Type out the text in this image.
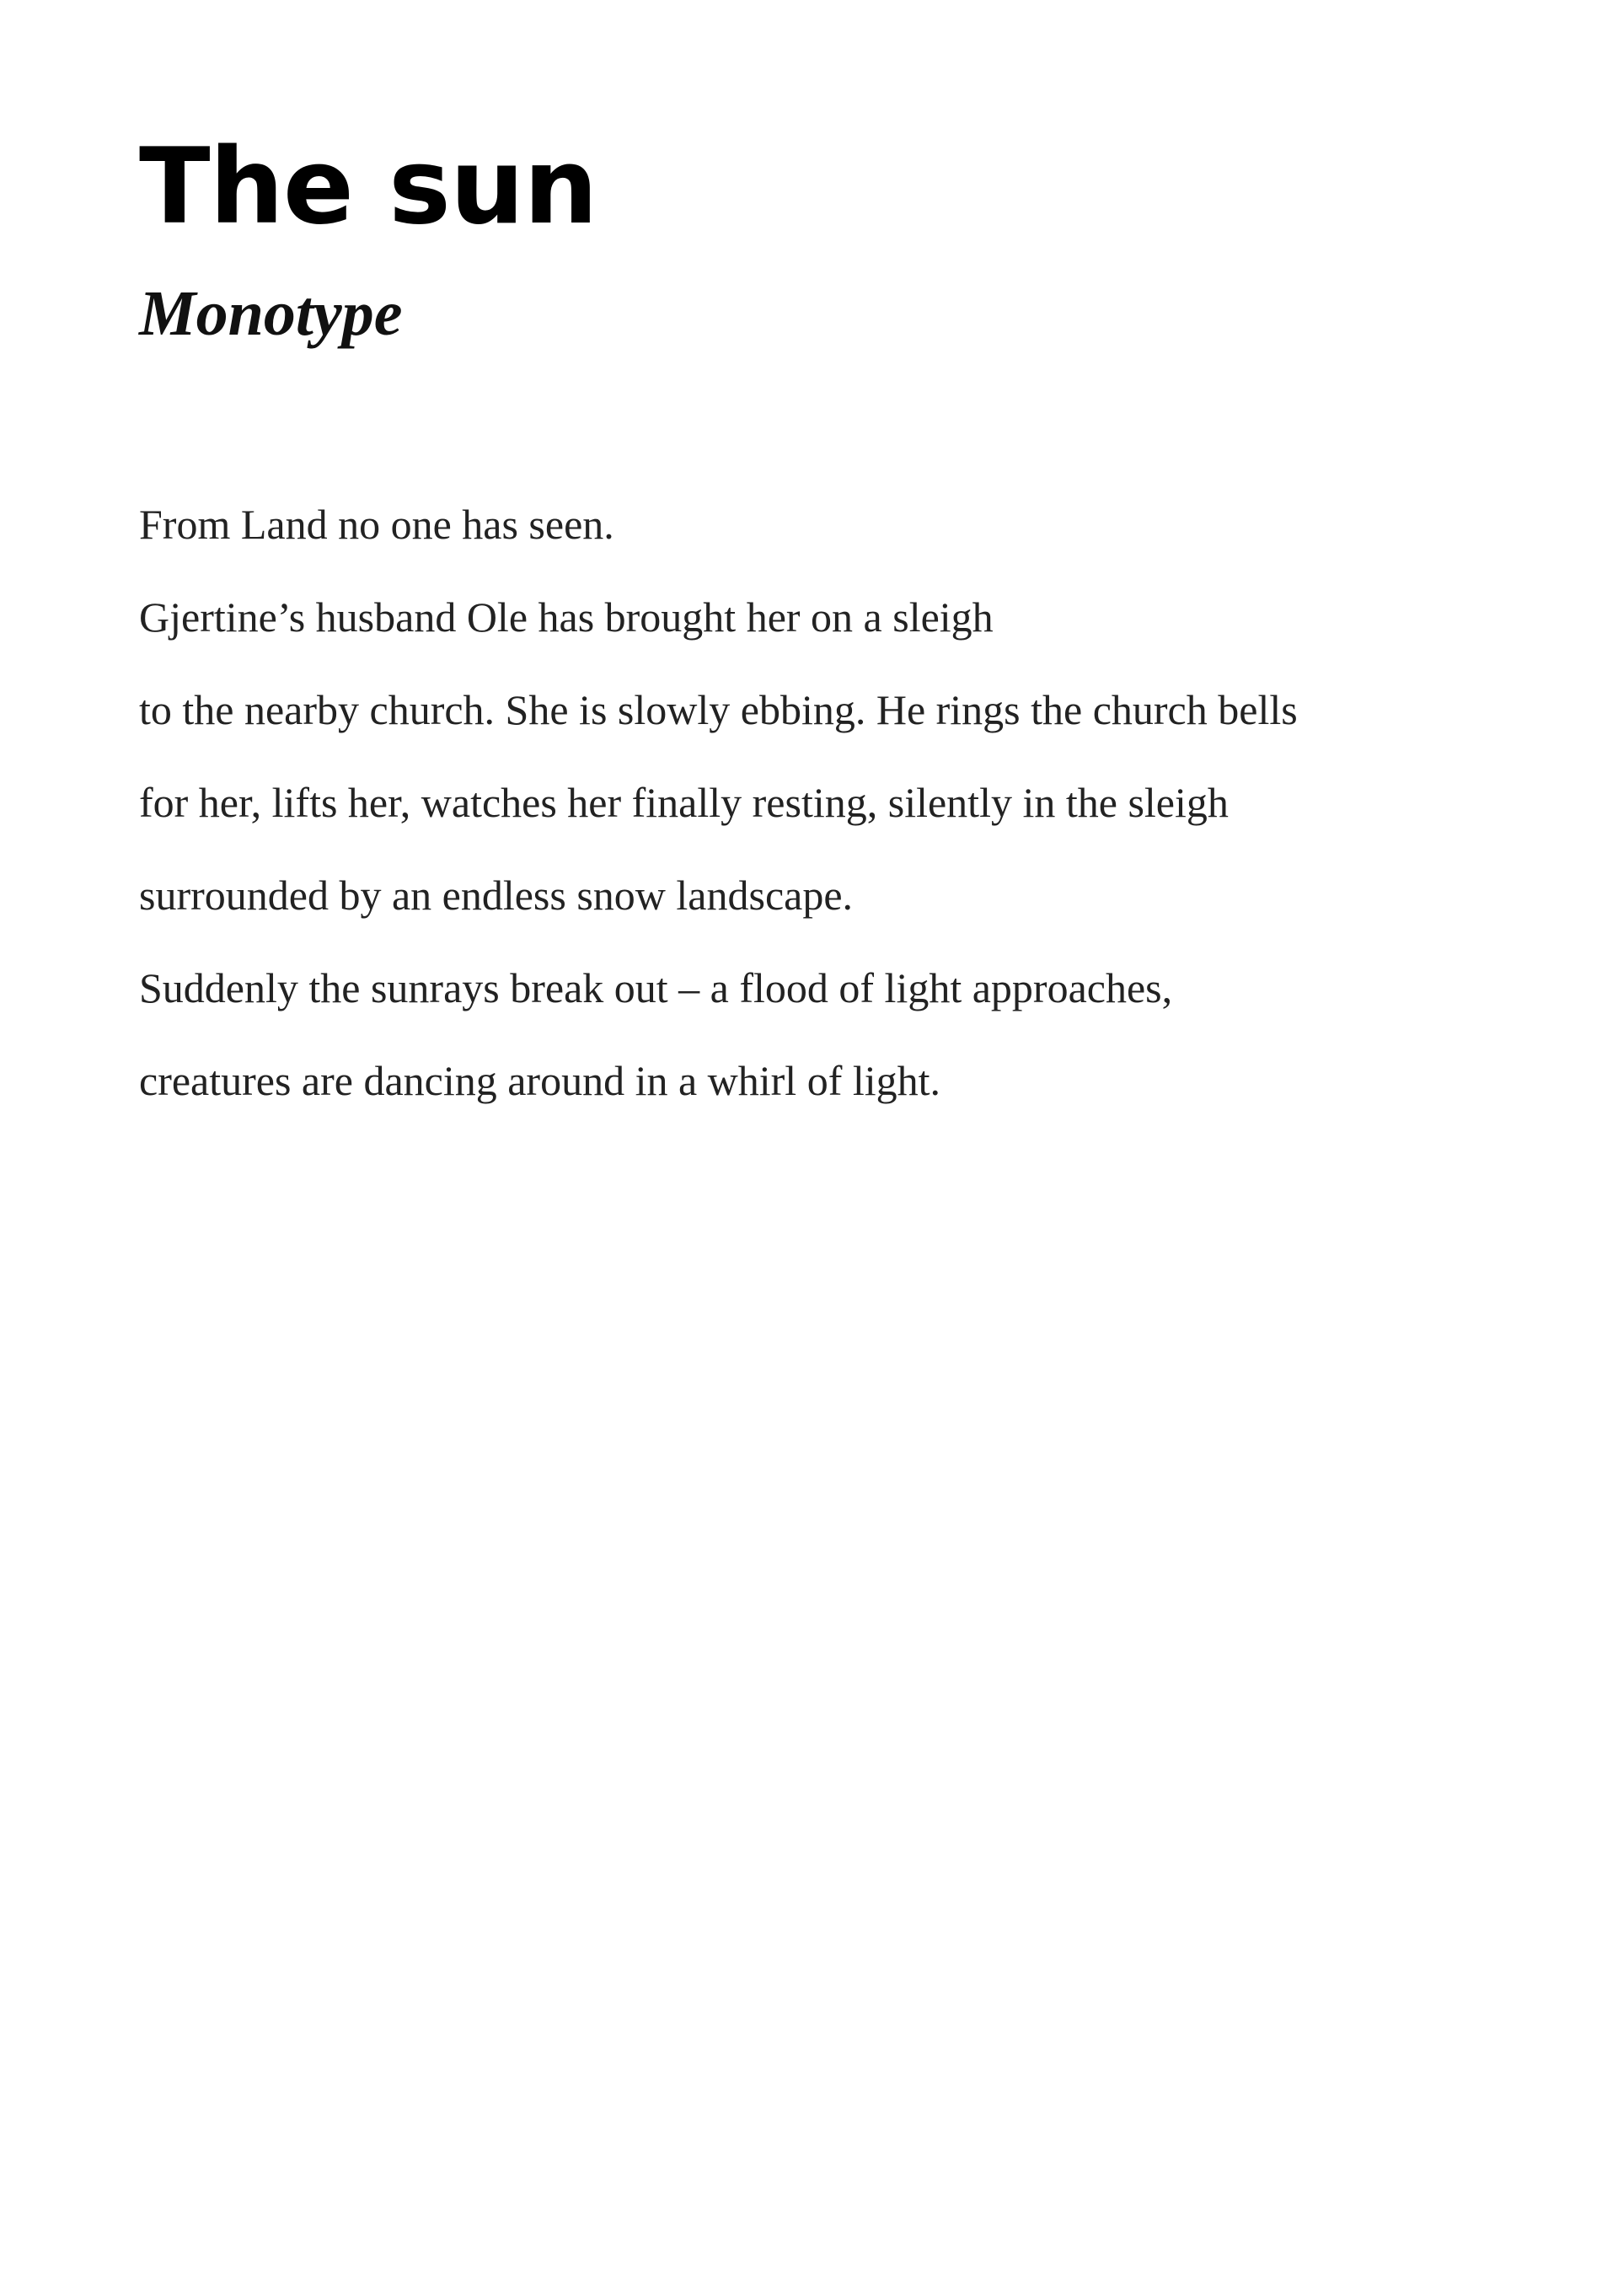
The sun
Monotype
From Land no one has seen.
Gjertine’s husband Ole has brought her on a sleigh
to the nearby church. She is slowly ebbing. He rings the church bells
for her, lifts her, watches her finally resting, silently in the sleigh
surrounded by an endless snow landscape.
Suddenly the sunrays break out – a flood of light approaches,
creatures are dancing around in a whirl of light.
